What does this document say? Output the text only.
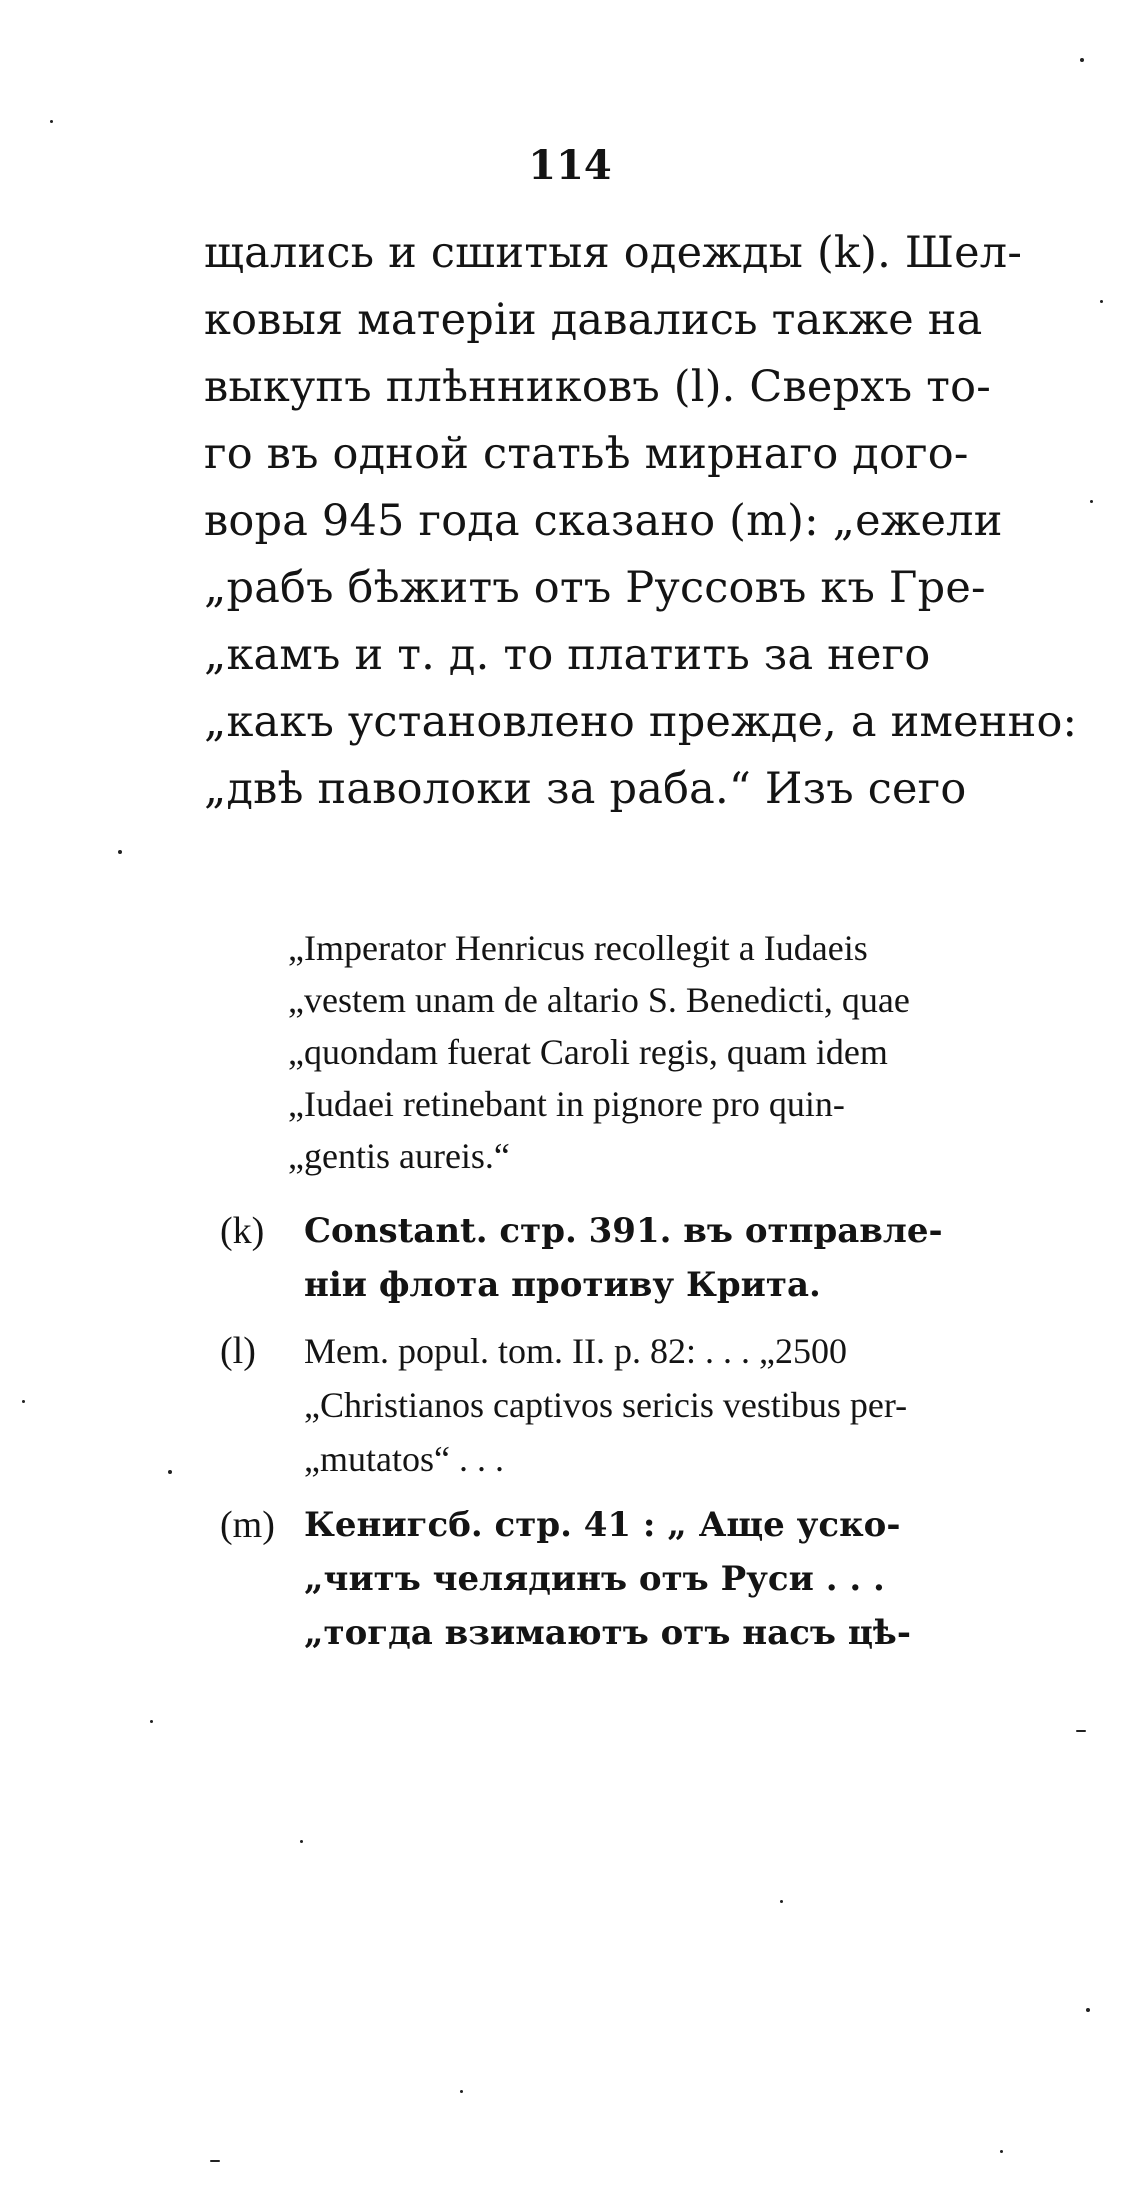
114
щались и сшитыя одежды (k). Шел-
ковыя матеріи давались также на
выкупъ плѣнниковъ (l). Сверхъ то-
го въ одной статьѣ мирнаго дого-
вора 945 года сказано (m): „ежели
„рабъ бѣжитъ отъ Руссовъ къ Гре-
„камъ и т. д. то платить за него
„какъ установлено прежде, а именно:
„двѣ паволоки за раба.“ Изъ сего
„Imperator Henricus recollegit a Iudaeis
„vestem unam de altario S. Benedicti, quae
„quondam fuerat Caroli regis, quam idem
„Iudaei retinebant in pignore pro quin-
„gentis aureis.“
(k) Constant. стр. 391. въ отправле-
ніи флота противу Крита.
(l) Mem. popul. tom. II. p. 82: . . . „2500
„Christianos captivos sericis vestibus per-
„mutatos“ . . .
(m) Кенигсб. стр. 41 : „ Аще уско-
„читъ челядинъ отъ Руси . . .
„тогда взимаютъ отъ насъ цѣ-
